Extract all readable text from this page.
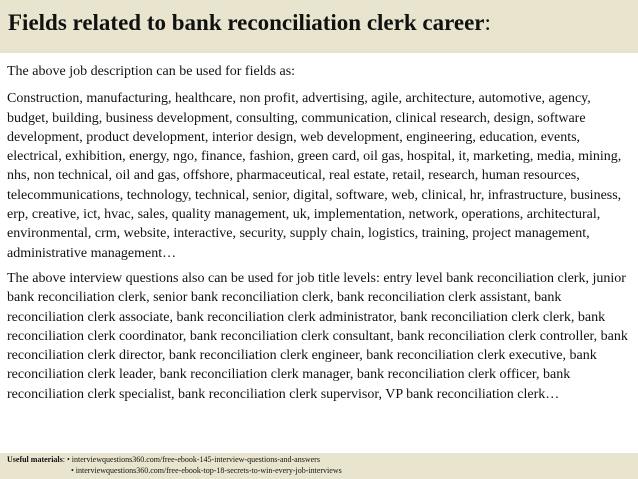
Fields related to bank reconciliation clerk career:

The above job description can be used for fields as:

Construction, manufacturing, healthcare, non profit, advertising, agile, architecture, automotive, agency, budget, building, business development, consulting, communication, clinical research, design, software development, product development, interior design, web development, engineering, education, events, electrical, exhibition, energy, ngo, finance, fashion, green card, oil gas, hospital, it, marketing, media, mining, nhs, non technical, oil and gas, offshore, pharmaceutical, real estate, retail, research, human resources, telecommunications, technology, technical, senior, digital, software, web, clinical, hr, infrastructure, business, erp, creative, ict, hvac, sales, quality management, uk, implementation, network, operations, architectural, environmental, crm, website, interactive, security, supply chain, logistics, training, project management, administrative management…

The above interview questions also can be used for job title levels: entry level bank reconciliation clerk, junior bank reconciliation clerk, senior bank reconciliation clerk, bank reconciliation clerk assistant, bank reconciliation clerk associate, bank reconciliation clerk administrator, bank reconciliation clerk clerk, bank reconciliation clerk coordinator, bank reconciliation clerk consultant, bank reconciliation clerk controller, bank reconciliation clerk director, bank reconciliation clerk engineer, bank reconciliation clerk executive, bank reconciliation clerk leader, bank reconciliation clerk manager, bank reconciliation clerk officer, bank reconciliation clerk specialist, bank reconciliation clerk supervisor, VP bank reconciliation clerk…

Useful materials: • interviewquestions360.com/free-ebook-145-interview-questions-and-answers
• interviewquestions360.com/free-ebook-top-18-secrets-to-win-every-job-interviews
